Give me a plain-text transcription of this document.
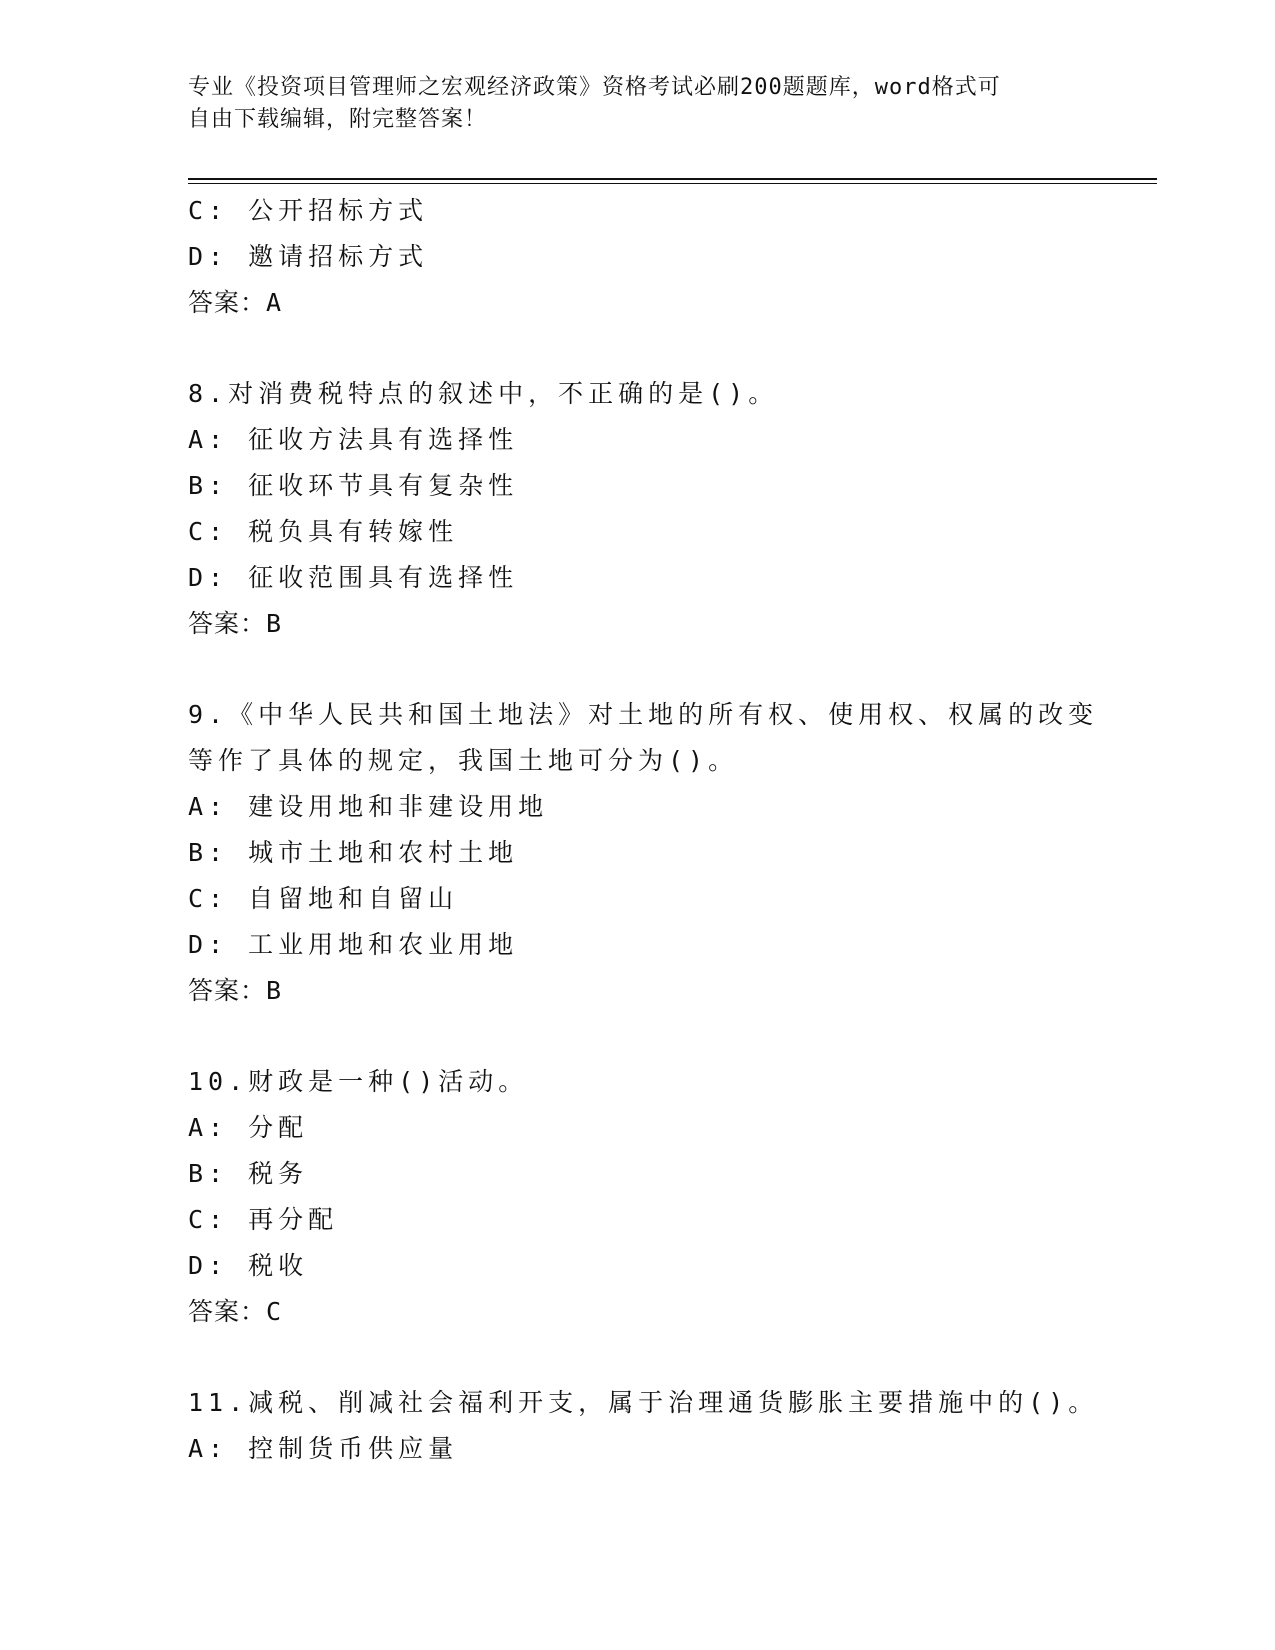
专业《投资项目管理师之宏观经济政策》资格考试必刷200题题库，word格式可
自由下载编辑，附完整答案！
C: 公开招标方式
D: 邀请招标方式
答案：A
8.对消费税特点的叙述中，不正确的是()。
A: 征收方法具有选择性
B: 征收环节具有复杂性
C: 税负具有转嫁性
D: 征收范围具有选择性
答案：B
9.《中华人民共和国土地法》对土地的所有权、使用权、权属的改变
等作了具体的规定，我国土地可分为()。
A: 建设用地和非建设用地
B: 城市土地和农村土地
C: 自留地和自留山
D: 工业用地和农业用地
答案：B
10.财政是一种()活动。
A: 分配
B: 税务
C: 再分配
D: 税收
答案：C
11.减税、削减社会福利开支，属于治理通货膨胀主要措施中的()。
A: 控制货币供应量
